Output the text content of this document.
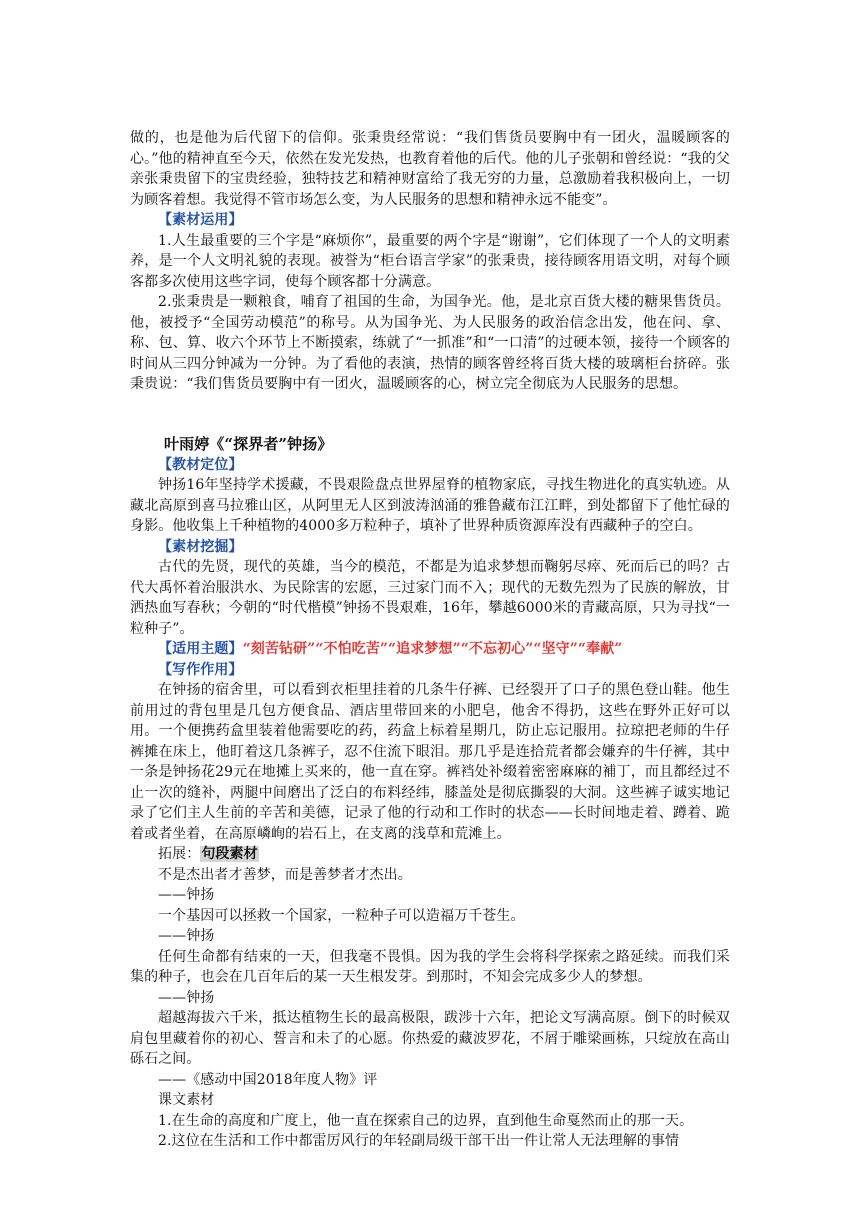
做的，也是他为后代留下的信仰。张秉贵经常说：“我们售货员要胸中有一团火，温暖顾客的心。”他的精神直至今天，依然在发光发热，也教育着他的后代。他的儿子张朝和曾经说：“我的父亲张秉贵留下的宝贵经验，独特技艺和精神财富给了我无穷的力量，总激励着我积极向上，一切为顾客着想。我觉得不管市场怎么变，为人民服务的思想和精神永远不能变”。

【素材运用】

1.人生最重要的三个字是“麻烦你”，最重要的两个字是“谢谢”，它们体现了一个人的文明素养，是一个人文明礼貌的表现。被誉为“柜台语言学家”的张秉贵，接待顾客用语文明，对每个顾客都多次使用这些字词，使每个顾客都十分满意。

2.张秉贵是一颗粮食，哺育了祖国的生命，为国争光。他，是北京百货大楼的糖果售货员。他，被授予“全国劳动模范”的称号。从为国争光、为人民服务的政治信念出发，他在问、拿、称、包、算、收六个环节上不断摸索，练就了“一抓准”和“一口清”的过硬本领，接待一个顾客的时间从三四分钟减为一分钟。为了看他的表演，热情的顾客曾经将百货大楼的玻璃柜台挤碎。张秉贵说：“我们售货员要胸中有一团火，温暖顾客的心，树立完全彻底为人民服务的思想。

叶雨婷《“探界者”钟扬》

【教材定位】

钟扬16年坚持学术援藏，不畏艰险盘点世界屋脊的植物家底，寻找生物进化的真实轨迹。从藏北高原到喜马拉雅山区，从阿里无人区到波涛汹涌的雅鲁藏布江江畔，到处都留下了他忙碌的身影。他收集上千种植物的4000多万粒种子，填补了世界种质资源库没有西藏种子的空白。

【素材挖掘】

古代的先贤，现代的英雄，当今的模范，不都是为追求梦想而鞠躬尽瘁、死而后已的吗？古代大禹怀着治服洪水、为民除害的宏愿，三过家门而不入；现代的无数先烈为了民族的解放，甘洒热血写春秋；今朝的“时代楷模”钟扬不畏艰难，16年，攀越6000米的青藏高原，只为寻找“一粒种子”。

【适用主题】“刻苦钻研”“不怕吃苦”“追求梦想”“不忘初心”“坚守”“奉献”

【写作作用】

在钟扬的宿舍里，可以看到衣柜里挂着的几条牛仔裤、已经裂开了口子的黑色登山鞋。他生前用过的背包里是几包方便食品、酒店里带回来的小肥皂，他舍不得扔，这些在野外正好可以用。一个便携药盒里装着他需要吃的药，药盒上标着星期几，防止忘记服用。拉琼把老师的牛仔裤摊在床上，他盯着这几条裤子，忍不住流下眼泪。那几乎是连拾荒者都会嫌弃的牛仔裤，其中一条是钟扬花29元在地摊上买来的，他一直在穿。裤裆处补缀着密密麻麻的補丁，而且都经过不止一次的缝补，两腿中间磨出了泛白的布料经纬，膝盖处是彻底撕裂的大洞。这些裤子诚实地记录了它们主人生前的辛苦和美德，记录了他的行动和工作时的状态——长时间地走着、蹲着、跪着或者坐着，在高原嶙峋的岩石上，在支离的浅草和荒滩上。

拓展：句段素材

不是杰出者才善梦，而是善梦者才杰出。

——钟扬

一个基因可以拯救一个国家，一粒种子可以造福万千苍生。

——钟扬

任何生命都有结束的一天，但我毫不畏惧。因为我的学生会将科学探索之路延续。而我们采集的种子，也会在几百年后的某一天生根发芽。到那时，不知会完成多少人的梦想。

——钟扬

超越海拔六千米，抵达植物生长的最高极限，跋涉十六年，把论文写满高原。倒下的时候双肩包里藏着你的初心、誓言和未了的心愿。你热爱的藏波罗花，不屑于雕梁画栋，只绽放在高山砾石之间。

——《感动中国2018年度人物》评

课文素材

1.在生命的高度和广度上，他一直在探索自己的边界，直到他生命戛然而止的那一天。

2.这位在生活和工作中都雷厉风行的年轻副局级干部干出一件让常人无法理解的事情
